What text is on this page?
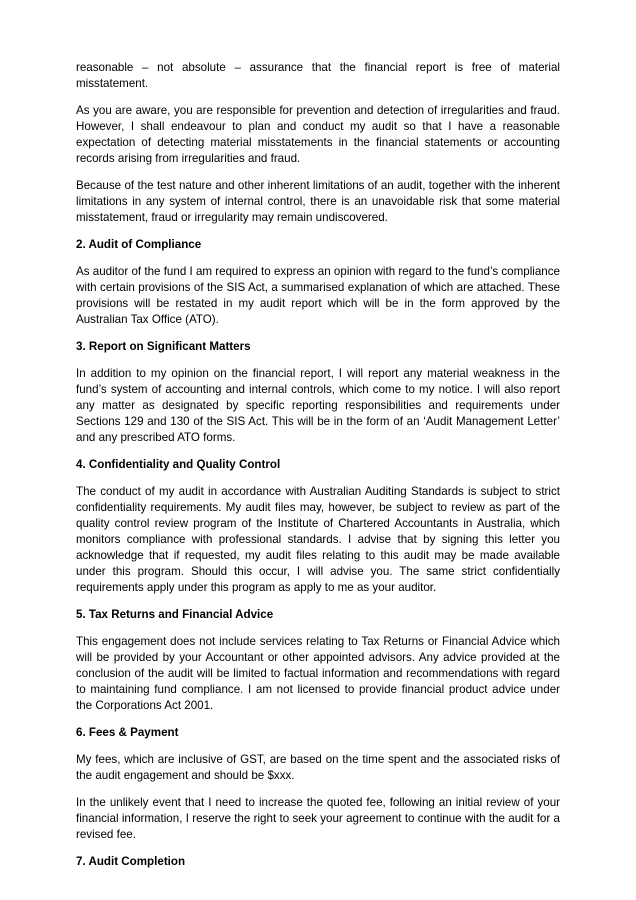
reasonable – not absolute – assurance that the financial report is free of material misstatement.

As you are aware, you are responsible for prevention and detection of irregularities and fraud. However, I shall endeavour to plan and conduct my audit so that I have a reasonable expectation of detecting material misstatements in the financial statements or accounting records arising from irregularities and fraud.

Because of the test nature and other inherent limitations of an audit, together with the inherent limitations in any system of internal control, there is an unavoidable risk that some material misstatement, fraud or irregularity may remain undiscovered.

2. Audit of Compliance

As auditor of the fund I am required to express an opinion with regard to the fund’s compliance with certain provisions of the SIS Act, a summarised explanation of which are attached. These provisions will be restated in my audit report which will be in the form approved by the Australian Tax Office (ATO).

3. Report on Significant Matters

In addition to my opinion on the financial report, I will report any material weakness in the fund’s system of accounting and internal controls, which come to my notice. I will also report any matter as designated by specific reporting responsibilities and requirements under Sections 129 and 130 of the SIS Act. This will be in the form of an ‘Audit Management Letter’ and any prescribed ATO forms.

4. Confidentiality and Quality Control

The conduct of my audit in accordance with Australian Auditing Standards is subject to strict confidentiality requirements. My audit files may, however, be subject to review as part of the quality control review program of the Institute of Chartered Accountants in Australia, which monitors compliance with professional standards. I advise that by signing this letter you acknowledge that if requested, my audit files relating to this audit may be made available under this program. Should this occur, I will advise you. The same strict confidentially requirements apply under this program as apply to me as your auditor.

5. Tax Returns and Financial Advice

This engagement does not include services relating to Tax Returns or Financial Advice which will be provided by your Accountant or other appointed advisors. Any advice provided at the conclusion of the audit will be limited to factual information and recommendations with regard to maintaining fund compliance. I am not licensed to provide financial product advice under the Corporations Act 2001.

6. Fees & Payment

My fees, which are inclusive of GST, are based on the time spent and the associated risks of the audit engagement and should be $xxx.

In the unlikely event that I need to increase the quoted fee, following an initial review of your financial information, I reserve the right to seek your agreement to continue with the audit for a revised fee.

7. Audit Completion
